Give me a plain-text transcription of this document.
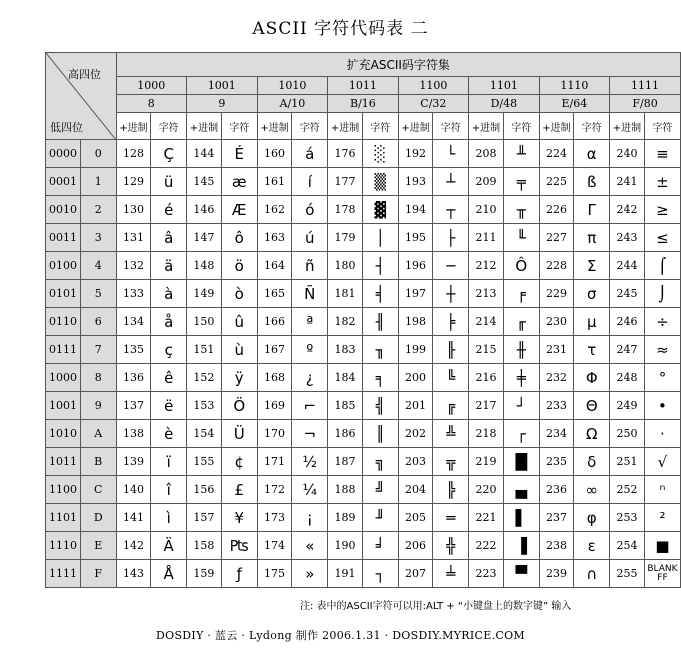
ASCII 字符代码表 二
高四位
低四位		扩充ASCII码字符集															
		1000		1001		1010		1011		1100		1101		1110		1111	
		8		9		A/10		B/16		C/32		D/48		E/64		F/80	
		+进制	字符	+进制	字符	+进制	字符	+进制	字符	+进制	字符	+进制	字符	+进制	字符	+进制	字符
0000	0	128	Ç	144	É	160	á	176	░	192	└	208	╨	224	α	240	≡
0001	1	129	ü	145	æ	161	í	177	▒	193	┴	209	╤	225	ß	241	±
0010	2	130	é	146	Æ	162	ó	178	▓	194	┬	210	╥	226	Γ	242	≥
0011	3	131	â	147	ô	163	ú	179	│	195	├	211	╙	227	π	243	≤
0100	4	132	ä	148	ö	164	ñ	180	┤	196	─	212	Ô	228	Σ	244	⌠
0101	5	133	à	149	ò	165	Ñ	181	╡	197	┼	213	╒	229	σ	245	⌡
0110	6	134	å	150	û	166	ª	182	╢	198	╞	214	╓	230	μ	246	÷
0111	7	135	ç	151	ù	167	º	183	╖	199	╟	215	╫	231	τ	247	≈
1000	8	136	ê	152	ÿ	168	¿	184	╕	200	╚	216	╪	232	Φ	248	°
1001	9	137	ë	153	Ö	169	⌐	185	╣	201	╔	217	┘	233	Θ	249	•
1010	A	138	è	154	Ü	170	¬	186	║	202	╩	218	┌	234	Ω	250	·
1011	B	139	ï	155	¢	171	½	187	╗	203	╦	219	█	235	δ	251	√
1100	C	140	î	156	£	172	¼	188	╝	204	╠	220	▄	236	∞	252	ⁿ
1101	D	141	ì	157	¥	173	¡	189	╜	205	═	221	▌	237	φ	253	²
1110	E	142	Ä	158	₧	174	«	190	╛	206	╬	222	▐	238	ε	254	■
1111	F	143	Å	159	ƒ	175	»	191	┐	207	╧	223	▀	239	∩	255	BLANK FF
注: 表中的ASCII字符可以用:ALT + “小键盘上的数字键” 输入
DOSDIY · 蓝云 · Lydong 制作 2006.1.31 · DOSDIY.MYRICE.COM
